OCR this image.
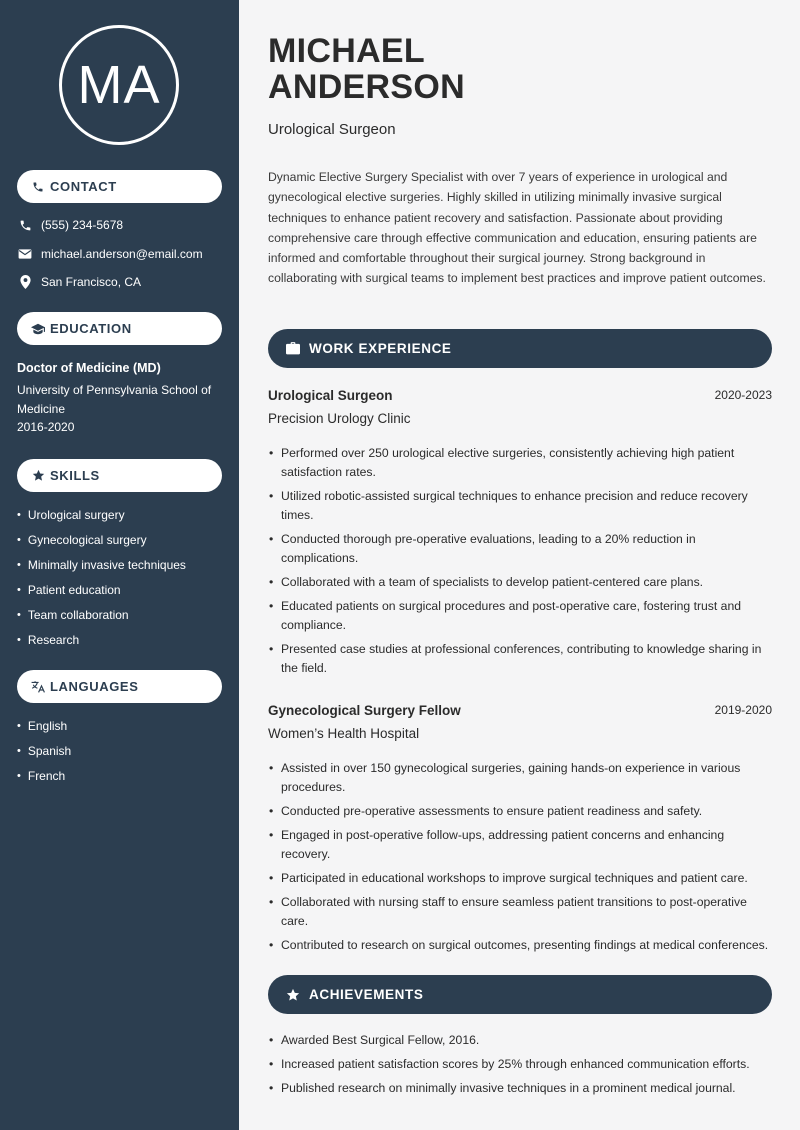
MA
CONTACT
(555) 234-5678
michael.anderson@email.com
San Francisco, CA
EDUCATION
Doctor of Medicine (MD)
University of Pennsylvania School of Medicine
2016-2020
SKILLS
• Urological surgery
• Gynecological surgery
• Minimally invasive techniques
• Patient education
• Team collaboration
• Research
LANGUAGES
• English
• Spanish
• French
MICHAEL
ANDERSON
Urological Surgeon
Dynamic Elective Surgery Specialist with over 7 years of experience in urological and gynecological elective surgeries. Highly skilled in utilizing minimally invasive surgical techniques to enhance patient recovery and satisfaction. Passionate about providing comprehensive care through effective communication and education, ensuring patients are informed and comfortable throughout their surgical journey. Strong background in collaborating with surgical teams to implement best practices and improve patient outcomes.
WORK EXPERIENCE
Urological Surgeon	2020-2023
Precision Urology Clinic
• Performed over 250 urological elective surgeries, consistently achieving high patient satisfaction rates.
• Utilized robotic-assisted surgical techniques to enhance precision and reduce recovery times.
• Conducted thorough pre-operative evaluations, leading to a 20% reduction in complications.
• Collaborated with a team of specialists to develop patient-centered care plans.
• Educated patients on surgical procedures and post-operative care, fostering trust and compliance.
• Presented case studies at professional conferences, contributing to knowledge sharing in the field.
Gynecological Surgery Fellow	2019-2020
Women’s Health Hospital
• Assisted in over 150 gynecological surgeries, gaining hands-on experience in various procedures.
• Conducted pre-operative assessments to ensure patient readiness and safety.
• Engaged in post-operative follow-ups, addressing patient concerns and enhancing recovery.
• Participated in educational workshops to improve surgical techniques and patient care.
• Collaborated with nursing staff to ensure seamless patient transitions to post-operative care.
• Contributed to research on surgical outcomes, presenting findings at medical conferences.
ACHIEVEMENTS
• Awarded Best Surgical Fellow, 2016.
• Increased patient satisfaction scores by 25% through enhanced communication efforts.
• Published research on minimally invasive techniques in a prominent medical journal.
